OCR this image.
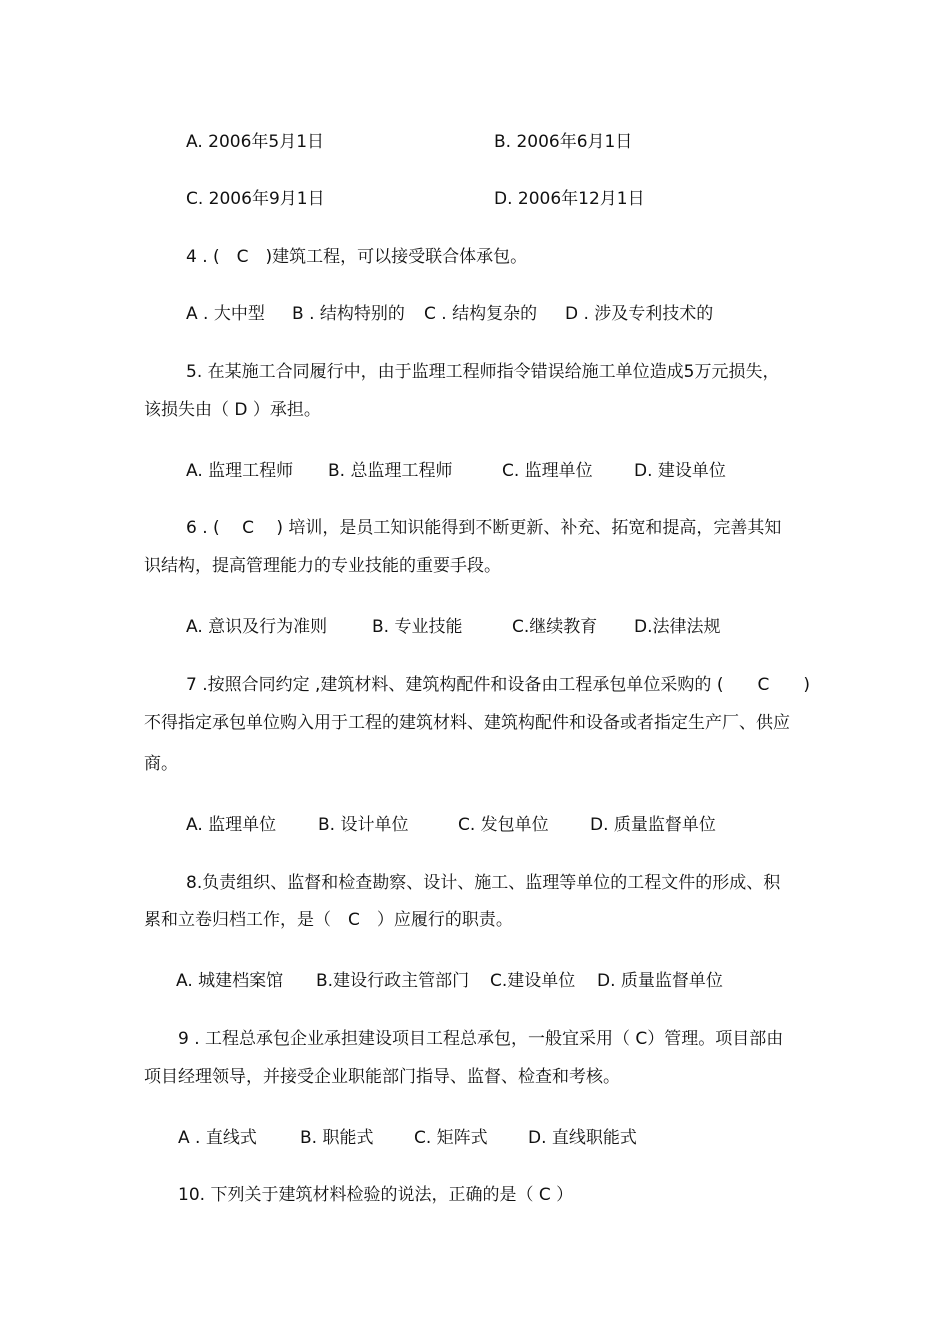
A. 2006年5月1日	B. 2006年6月1日
C. 2006年9月1日	D. 2006年12月1日
4 . (　C　)建筑工程，可以接受联合体承包。
A . 大中型 B . 结构特别的 C . 结构复杂的 D . 涉及专利技术的
5. 在某施工合同履行中，由于监理工程师指令错误给施工单位造成5万元损失，
该损失由（ D ）承担。
A. 监理工程师 B. 总监理工程师	C. 监理单位 D. 建设单位
6 . (　 C　 ) 培训，是员工知识能得到不断更新、补充、拓宽和提高，完善其知
识结构，提高管理能力的专业技能的重要手段。
A. 意识及行为准则	B. 专业技能	C.继续教育 D.法律法规
7 .按照合同约定 ,建筑材料、建筑构配件和设备由工程承包单位采购的 (　　C　　)
不得指定承包单位购入用于工程的建筑材料、建筑构配件和设备或者指定生产厂、供应
商。
A. 监理单位 B. 设计单位	C. 发包单位 D. 质量监督单位
8.负责组织、监督和检查勘察、设计、施工、监理等单位的工程文件的形成、积
累和立卷归档工作，是（　C　）应履行的职责。
A. 城建档案馆 B.建设行政主管部门 C.建设单位 D. 质量监督单位
9 . 工程总承包企业承担建设项目工程总承包，一般宜采用（ C）管理。项目部由
项目经理领导，并接受企业职能部门指导、监督、检查和考核。
A . 直线式	B. 职能式 C. 矩阵式 D. 直线职能式
10. 下列关于建筑材料检验的说法，正确的是（ C ）
